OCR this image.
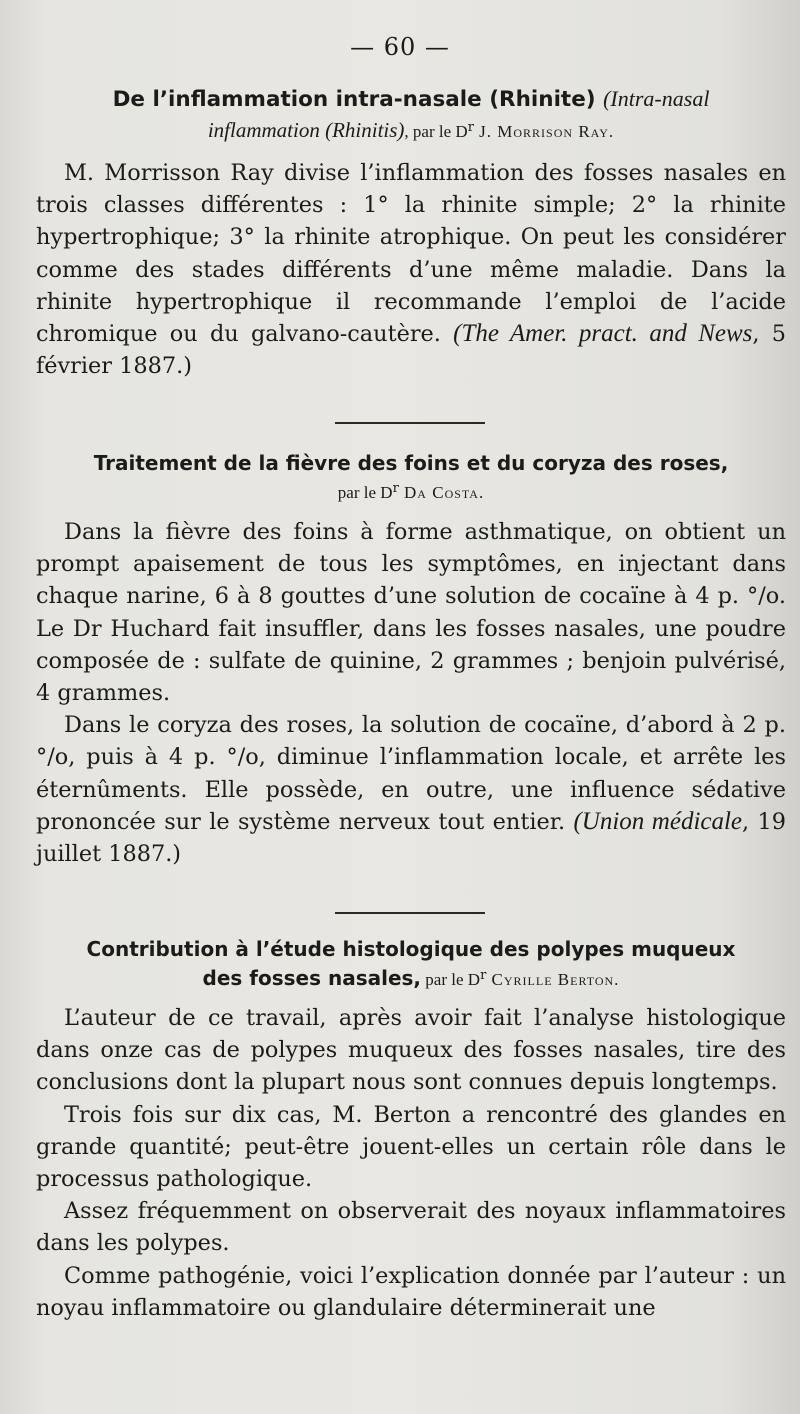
— 60 —
De l’inflammation intra-nasale (Rhinite) (Intra-nasal
inflammation (Rhinitis), par le $D^r$ J. Morrison Ray.

M. Morrisson Ray divise l’inflammation des fosses nasales en trois classes différentes : 1° la rhinite simple; 2° la rhinite hypertrophique; 3° la rhinite atrophique. On peut les considérer comme des stades différents d’une même maladie. Dans la rhinite hypertrophique il recommande l’emploi de l’acide chromique ou du galvano-cautère. (The Amer. pract. and News, 5 février 1887.)

Traitement de la fièvre des foins et du coryza des roses,
par le $D^r$ Da Costa.

Dans la fièvre des foins à forme asthmatique, on obtient un prompt apaisement de tous les symptômes, en injectant dans chaque narine, 6 à 8 gouttes d’une solution de cocaïne à 4 p. °/o. Le Dr Huchard fait insuffler, dans les fosses nasales, une poudre composée de : sulfate de quinine, 2 grammes ; benjoin pulvérisé, 4 grammes.

Dans le coryza des roses, la solution de cocaïne, d’abord à 2 p. °/o, puis à 4 p. °/o, diminue l’inflammation locale, et arrête les éternûments. Elle possède, en outre, une influence sédative prononcée sur le système nerveux tout entier. (Union médicale, 19 juillet 1887.)

Contribution à l’étude histologique des polypes muqueux
des fosses nasales, par le $D^r$ Cyrille Berton.

L’auteur de ce travail, après avoir fait l’analyse histologique dans onze cas de polypes muqueux des fosses nasales, tire des conclusions dont la plupart nous sont connues depuis longtemps.

Trois fois sur dix cas, M. Berton a rencontré des glandes en grande quantité; peut-être jouent-elles un certain rôle dans le processus pathologique.

Assez fréquemment on observerait des noyaux inflammatoires dans les polypes.

Comme pathogénie, voici l’explication donnée par l’auteur : un noyau inflammatoire ou glandulaire déterminerait une
